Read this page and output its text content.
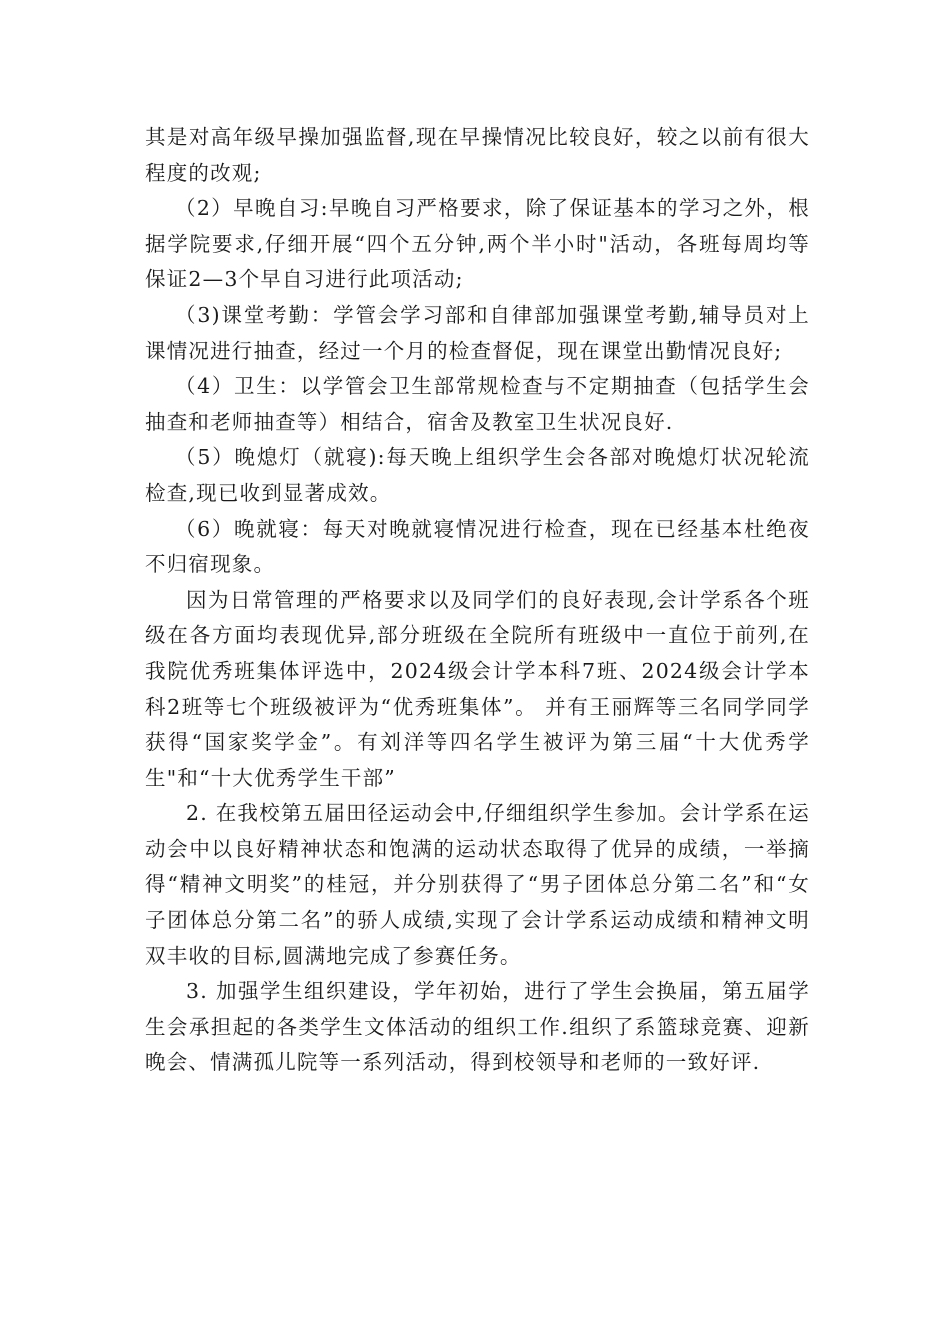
其是对高年级早操加强监督,现在早操情况比较良好，较之以前有很大程度的改观;

（2）早晚自习:早晚自习严格要求，除了保证基本的学习之外，根据学院要求,仔细开展“四个五分钟,两个半小时"活动，各班每周均等保证2—3个早自习进行此项活动;

（3)课堂考勤：学管会学习部和自律部加强课堂考勤,辅导员对上课情况进行抽查，经过一个月的检查督促，现在课堂出勤情况良好;

（4）卫生：以学管会卫生部常规检查与不定期抽查（包括学生会抽查和老师抽查等）相结合，宿舍及教室卫生状况良好.

（5）晚熄灯（就寝):每天晚上组织学生会各部对晚熄灯状况轮流检查,现已收到显著成效。

（6）晚就寝：每天对晚就寝情况进行检查，现在已经基本杜绝夜不归宿现象。

因为日常管理的严格要求以及同学们的良好表现,会计学系各个班级在各方面均表现优异,部分班级在全院所有班级中一直位于前列,在我院优秀班集体评选中，2024级会计学本科7班、2024级会计学本科2班等七个班级被评为“优秀班集体”。 并有王丽辉等三名同学同学获得“国家奖学金”。有刘洋等四名学生被评为第三届“十大优秀学生"和“十大优秀学生干部”

2. 在我校第五届田径运动会中,仔细组织学生参加。会计学系在运动会中以良好精神状态和饱满的运动状态取得了优异的成绩，一举摘得“精神文明奖”的桂冠，并分别获得了“男子团体总分第二名”和“女子团体总分第二名”的骄人成绩,实现了会计学系运动成绩和精神文明双丰收的目标,圆满地完成了参赛任务。

3. 加强学生组织建设，学年初始，进行了学生会换届，第五届学生会承担起的各类学生文体活动的组织工作.组织了系篮球竞赛、迎新晚会、情满孤儿院等一系列活动，得到校领导和老师的一致好评.
